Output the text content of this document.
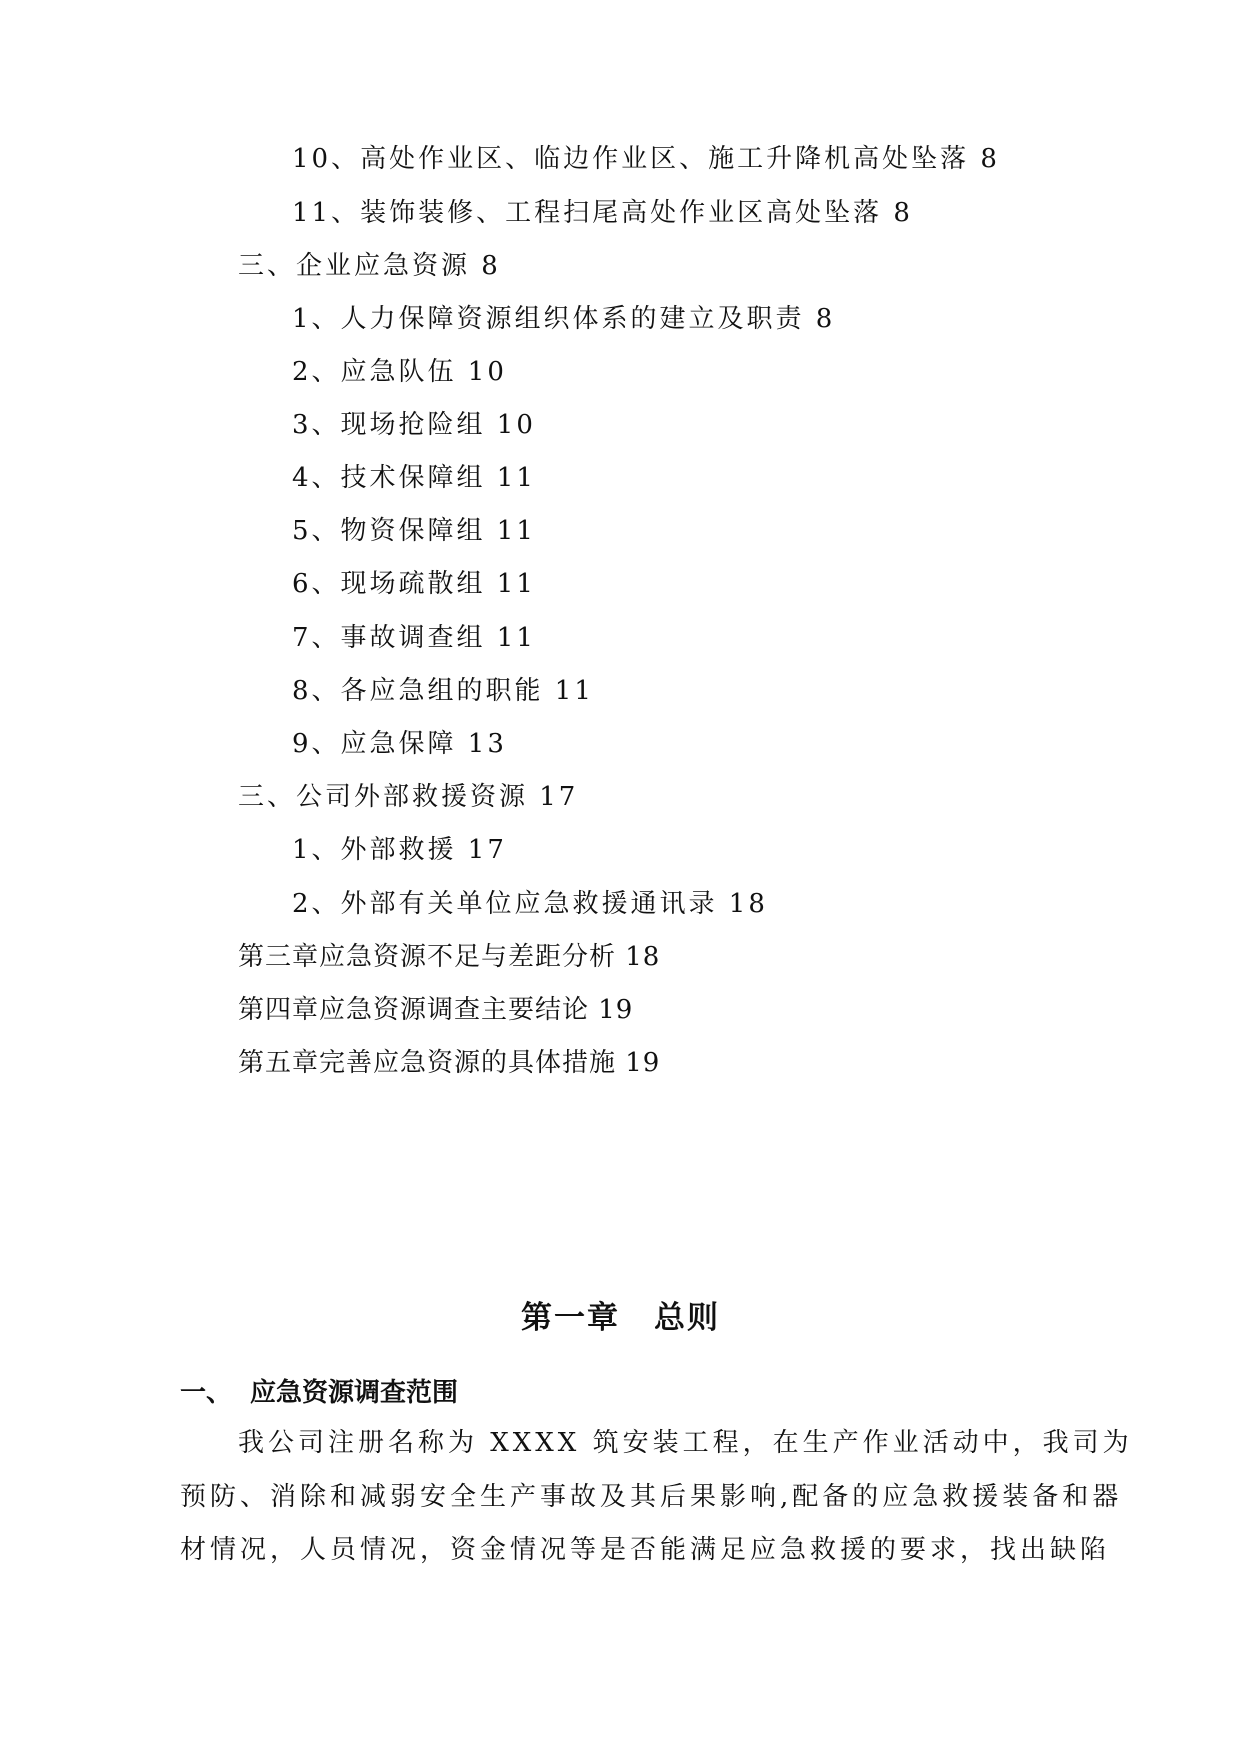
10、高处作业区、临边作业区、施工升降机高处坠落 8
11、装饰装修、工程扫尾高处作业区高处坠落 8
三、企业应急资源 8
1、人力保障资源组织体系的建立及职责 8
2、应急队伍 10
3、现场抢险组 10
4、技术保障组 11
5、物资保障组 11
6、现场疏散组 11
7、事故调查组 11
8、各应急组的职能 11
9、应急保障 13
三、公司外部救援资源 17
1、外部救援 17
2、外部有关单位应急救援通讯录 18
第三章应急资源不足与差距分析 18
第四章应急资源调查主要结论 19
第五章完善应急资源的具体措施 19
第一章 总则
一、 应急资源调查范围
我公司注册名称为 XXXX 筑安装工程，在生产作业活动中，我司为
预防、消除和减弱安全生产事故及其后果影响,配备的应急救援装备和器
材情况，人员情况，资金情况等是否能满足应急救援的要求，找出缺陷
